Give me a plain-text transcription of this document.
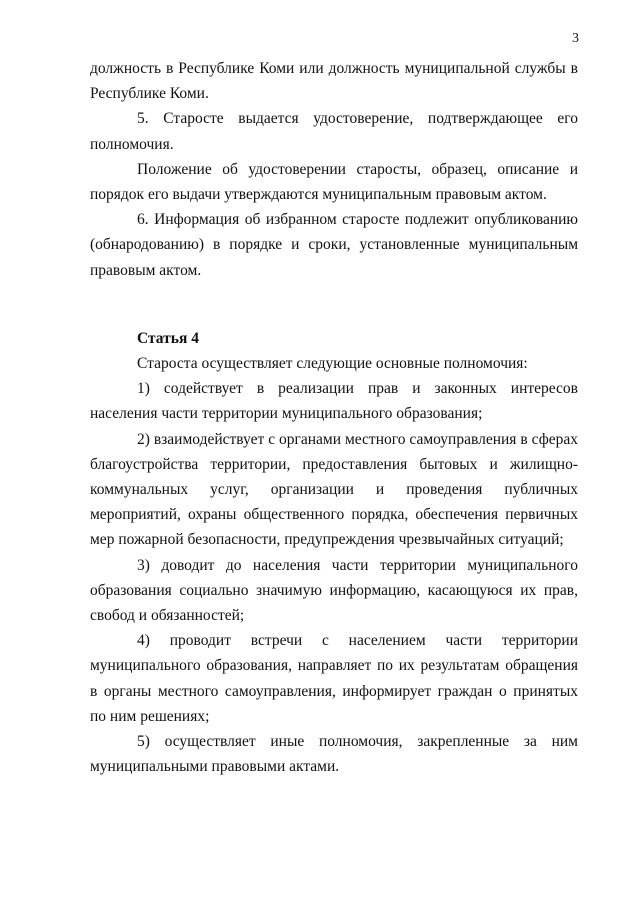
3

должность в Республике Коми или должность муниципальной службы в Республике Коми.

5. Старосте выдается удостоверение, подтверждающее его полномочия.

Положение об удостоверении старосты, образец, описание и порядок его выдачи утверждаются муниципальным правовым актом.

6. Информация об избранном старосте подлежит опубликованию (обнародованию) в порядке и сроки, установленные муниципальным правовым актом.

Статья 4

Староста осуществляет следующие основные полномочия:

1) содействует в реализации прав и законных интересов населения части территории муниципального образования;

2) взаимодействует с органами местного самоуправления в сферах благоустройства территории, предоставления бытовых и жилищно-коммунальных услуг, организации и проведения публичных мероприятий, охраны общественного порядка, обеспечения первичных мер пожарной безопасности, предупреждения чрезвычайных ситуаций;

3) доводит до населения части территории муниципального образования социально значимую информацию, касающуюся их прав, свобод и обязанностей;

4) проводит встречи с населением части территории муниципального образования, направляет по их результатам обращения в органы местного самоуправления, информирует граждан о принятых по ним решениях;

5) осуществляет иные полномочия, закрепленные за ним муниципальными правовыми актами.
